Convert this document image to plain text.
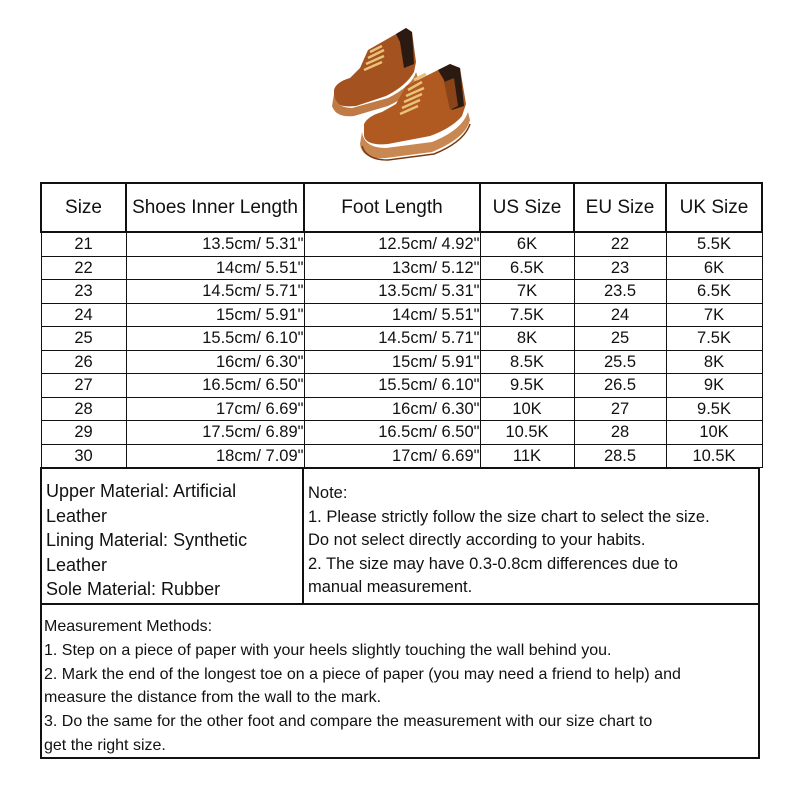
Size	Shoes Inner Length	Foot Length	US Size	EU Size	UK Size
21	13.5cm/ 5.31"	12.5cm/ 4.92"	6K	22	5.5K
22	14cm/ 5.51"	13cm/ 5.12"	6.5K	23	6K
23	14.5cm/ 5.71"	13.5cm/ 5.31"	7K	23.5	6.5K
24	15cm/ 5.91"	14cm/ 5.51"	7.5K	24	7K
25	15.5cm/ 6.10"	14.5cm/ 5.71"	8K	25	7.5K
26	16cm/ 6.30"	15cm/ 5.91"	8.5K	25.5	8K
27	16.5cm/ 6.50"	15.5cm/ 6.10"	9.5K	26.5	9K
28	17cm/ 6.69"	16cm/ 6.30"	10K	27	9.5K
29	17.5cm/ 6.89"	16.5cm/ 6.50"	10.5K	28	10K
30	18cm/ 7.09"	17cm/ 6.69"	11K	28.5	10.5K
Upper Material: Artificial
Leather
Lining Material: Synthetic
Leather
Sole Material: Rubber
Note:
1. Please strictly follow the size chart to select the size.
Do not select directly according to your habits.
2. The size may have 0.3-0.8cm differences due to
manual measurement.
Measurement Methods:
1. Step on a piece of paper with your heels slightly touching the wall behind you.
2. Mark the end of the longest toe on a piece of paper (you may need a friend to help) and
measure the distance from the wall to the mark.
3. Do the same for the other foot and compare the measurement with our size chart to
get the right size.
